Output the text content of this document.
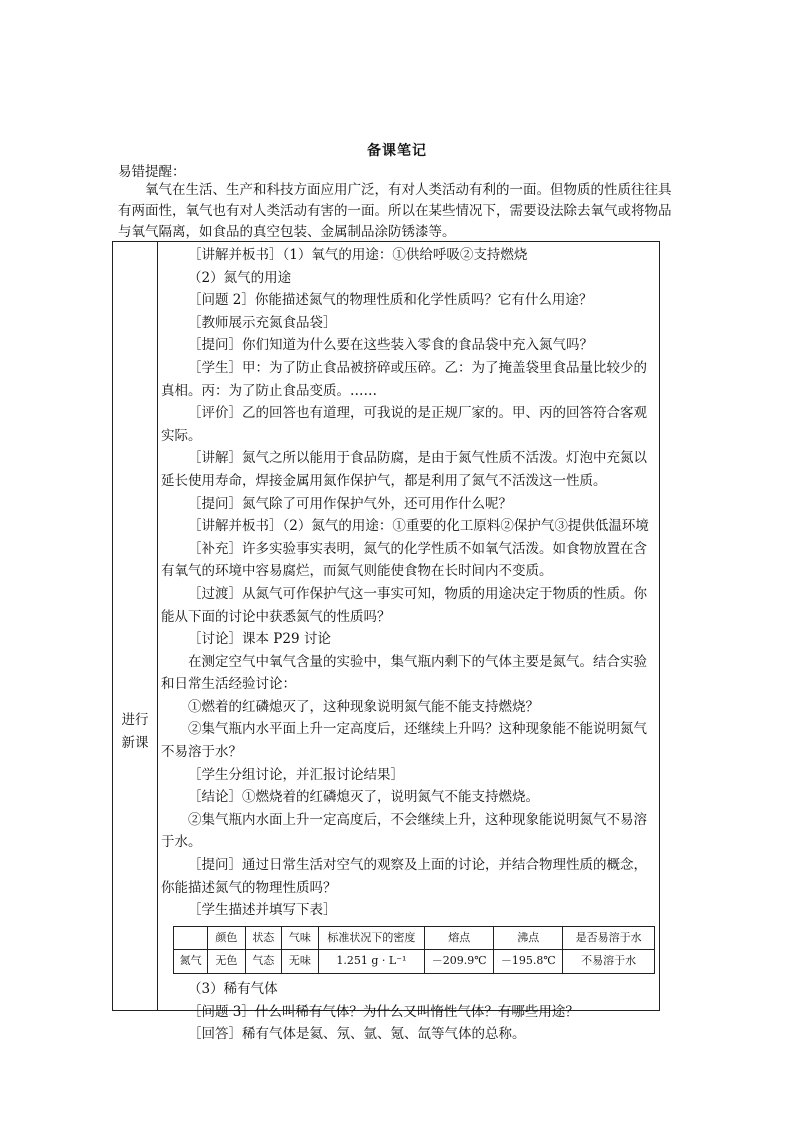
备课笔记
易错提醒：

氧气在生活、生产和科技方面应用广泛，有对人类活动有利的一面。但物质的性质往往具有两面性，氧气也有对人类活动有害的一面。所以在某些情况下，需要设法除去氧气或将物品与氧气隔离，如食品的真空包装、金属制品涂防锈漆等。

进行
新课

［讲解并板书］（1）氧气的用途：①供给呼吸②支持燃烧

（2）氮气的用途

［问题 2］你能描述氮气的物理性质和化学性质吗？它有什么用途？

［教师展示充氮食品袋］

［提问］你们知道为什么要在这些装入零食的食品袋中充入氮气吗？

［学生］甲：为了防止食品被挤碎或压碎。乙：为了掩盖袋里食品量比较少的真相。丙：为了防止食品变质。……

［评价］乙的回答也有道理，可我说的是正规厂家的。甲、丙的回答符合客观实际。

［讲解］氮气之所以能用于食品防腐，是由于氮气性质不活泼。灯泡中充氮以延长使用寿命，焊接金属用氮作保护气，都是利用了氮气不活泼这一性质。

［提问］氮气除了可用作保护气外，还可用作什么呢？

［讲解并板书］（2）氮气的用途：①重要的化工原料②保护气③提供低温环境

［补充］许多实验事实表明，氮气的化学性质不如氧气活泼。如食物放置在含有氧气的环境中容易腐烂，而氮气则能使食物在长时间内不变质。

［过渡］从氮气可作保护气这一事实可知，物质的用途决定于物质的性质。你能从下面的讨论中获悉氮气的性质吗？

［讨论］课本 P29 讨论

在测定空气中氧气含量的实验中，集气瓶内剩下的气体主要是氮气。结合实验和日常生活经验讨论：

①燃着的红磷熄灭了，这种现象说明氮气能不能支持燃烧？

②集气瓶内水平面上升一定高度后，还继续上升吗？这种现象能不能说明氮气不易溶于水？

［学生分组讨论，并汇报讨论结果］

［结论］①燃烧着的红磷熄灭了，说明氮气不能支持燃烧。

②集气瓶内水面上升一定高度后，不会继续上升，这种现象能说明氮气不易溶于水。

［提问］通过日常生活对空气的观察及上面的讨论，并结合物理性质的概念，你能描述氮气的物理性质吗？

［学生描述并填写下表］

	颜色	状态	气味	标准状况下的密度	熔点	沸点	是否易溶于水
氮气	无色	气态	无味	1.251 g · L⁻¹	－209.9℃	－195.8℃	不易溶于水

（3）稀有气体

［问题 3］什么叫稀有气体？为什么又叫惰性气体？有哪些用途？

［回答］稀有气体是氦、氖、氩、氪、氙等气体的总称。
